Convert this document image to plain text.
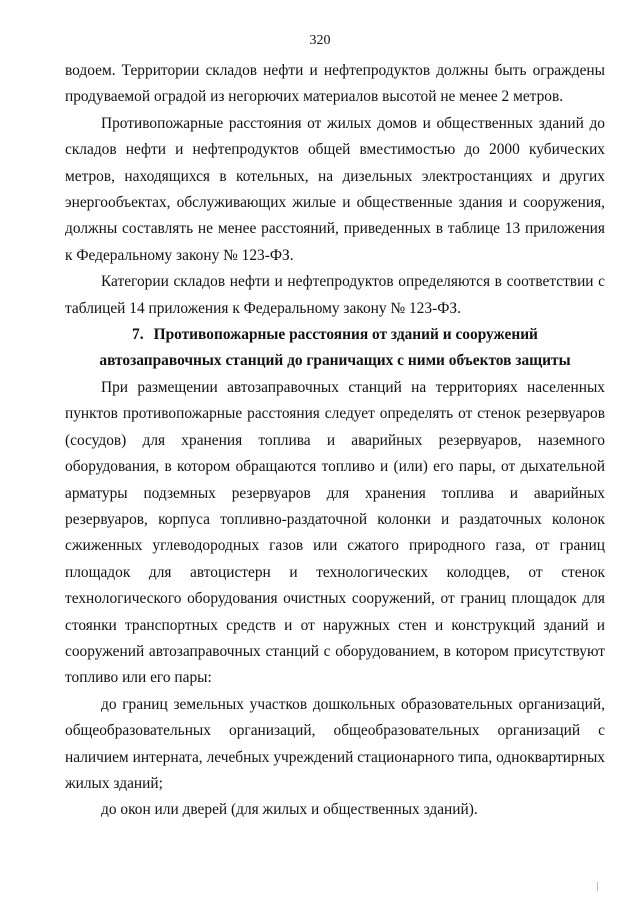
320

водоем. Территории складов нефти и нефтепродуктов должны быть ограждены продуваемой оградой из негорючих материалов высотой не менее 2 метров.

Противопожарные расстояния от жилых домов и общественных зданий до складов нефти и нефтепродуктов общей вместимостью до 2000 кубических метров, находящихся в котельных, на дизельных электростанциях и других энергообъектах, обслуживающих жилые и общественные здания и сооружения, должны составлять не менее расстояний, приведенных в таблице 13 приложения к Федеральному закону № 123-ФЗ.

Категории складов нефти и нефтепродуктов определяются в соответствии с таблицей 14 приложения к Федеральному закону № 123-ФЗ.

7. Противопожарные расстояния от зданий и сооружений
автозаправочных станций до граничащих с ними объектов защиты

При размещении автозаправочных станций на территориях населенных пунктов противопожарные расстояния следует определять от стенок резервуаров (сосудов) для хранения топлива и аварийных резервуаров, наземного оборудования, в котором обращаются топливо и (или) его пары, от дыхательной арматуры подземных резервуаров для хранения топлива и аварийных резервуаров, корпуса топливно-раздаточной колонки и раздаточных колонок сжиженных углеводородных газов или сжатого природного газа, от границ площадок для автоцистерн и технологических колодцев, от стенок технологического оборудования очистных сооружений, от границ площадок для стоянки транспортных средств и от наружных стен и конструкций зданий и сооружений автозаправочных станций с оборудованием, в котором присутствуют топливо или его пары:

до границ земельных участков дошкольных образовательных организаций, общеобразовательных организаций, общеобразовательных организаций с наличием интерната, лечебных учреждений стационарного типа, одноквартирных жилых зданий;

до окон или дверей (для жилых и общественных зданий).
